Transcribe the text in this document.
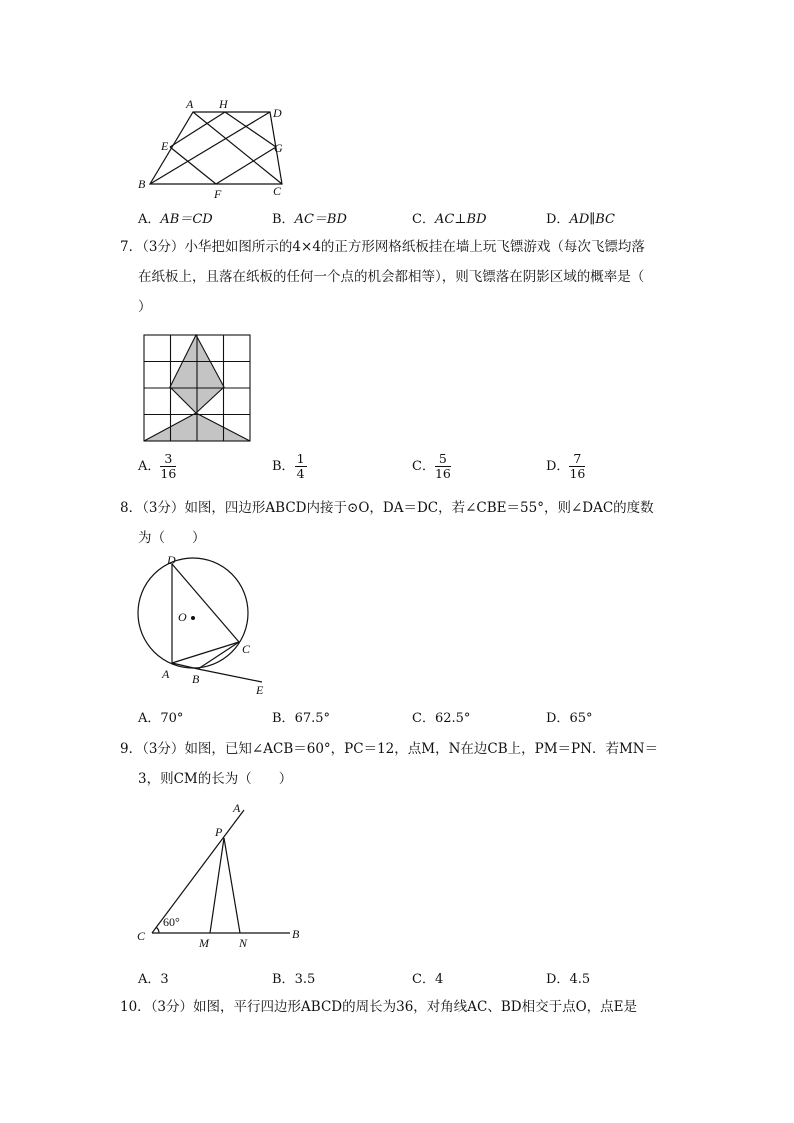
A H
D
E	G
B
F	C
A．AB＝CD	B．AC＝BD	C．AC⊥BD	D．AD∥BC
7．（3分）小华把如图所示的4×4的正方形网格纸板挂在墙上玩飞镖游戏（每次飞镖均落
在纸板上，且落在纸板的任何一个点的机会都相等），则飞镖落在阴影区域的概率是（
）
A． $\frac{3}{16}$	B． $\frac{1}{4}$	C． $\frac{5}{16}$	D． $\frac{7}{16}$
8．（3分）如图，四边形ABCD内接于⊙O，DA＝DC，若∠CBE＝55°，则∠DAC的度数
为（　　）
D
O
C
A B
E
A．70°	B．67.5°	C．62.5°	D．65°
9．（3分）如图，已知∠ACB＝60°，PC＝12，点M，N在边CB上，PM＝PN．若MN＝
3，则CM的长为（　　）
A
P
60°
C	M	N
B
A．3	B．3.5	C．4	D．4.5
10．（3分）如图，平行四边形ABCD的周长为36，对角线AC、BD相交于点O，点E是
